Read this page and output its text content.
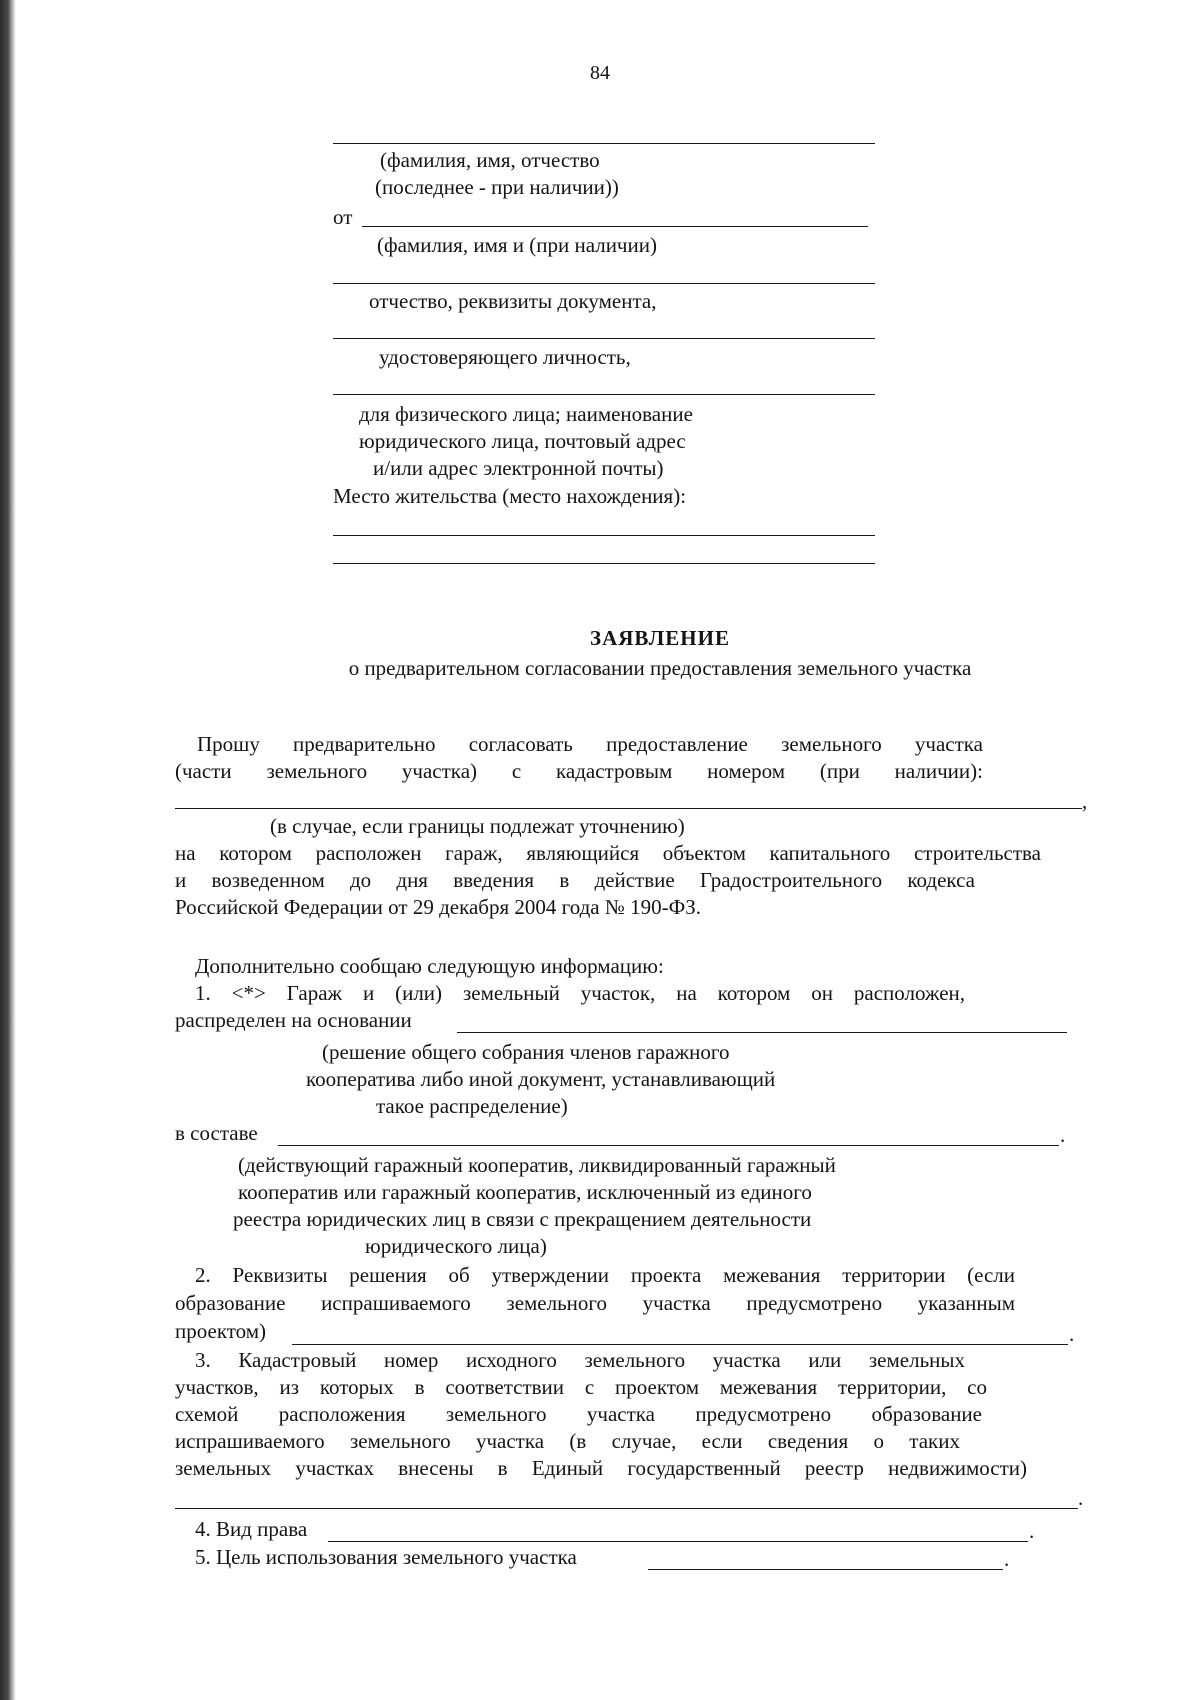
84
(фамилия, имя, отчество
(последнее - при наличии))
от
(фамилия, имя и (при наличии)
отчество, реквизиты документа,
удостоверяющего личность,
для физического лица; наименование
юридического лица, почтовый адрес
и/или адрес электронной почты)
Место жительства (место нахождения):
ЗАЯВЛЕНИЕ
о предварительном согласовании предоставления земельного участка
Прошу предварительно согласовать предоставление земельного участка
(части земельного участка) с кадастровым номером (при наличии):
,
(в случае, если границы подлежат уточнению)
на котором расположен гараж, являющийся объектом капитального строительства
и возведенном до дня введения в действие Градостроительного кодекса
Российской Федерации от 29 декабря 2004 года № 190-ФЗ.
Дополнительно сообщаю следующую информацию:
1. <*> Гараж и (или) земельный участок, на котором он расположен,
распределен на основании
(решение общего собрания членов гаражного
кооператива либо иной документ, устанавливающий
такое распределение)
в составе	.
(действующий гаражный кооператив, ликвидированный гаражный
кооператив или гаражный кооператив, исключенный из единого
реестра юридических лиц в связи с прекращением деятельности
юридического лица)
2. Реквизиты решения об утверждении проекта межевания территории (если
образование испрашиваемого земельного участка предусмотрено указанным
проектом)	.
3. Кадастровый номер исходного земельного участка или земельных
участков, из которых в соответствии с проектом межевания территории, со
схемой расположения земельного участка предусмотрено образование
испрашиваемого земельного участка (в случае, если сведения о таких
земельных участках внесены в Единый государственный реестр недвижимости)
.
4. Вид права	.
5. Цель использования земельного участка	.
